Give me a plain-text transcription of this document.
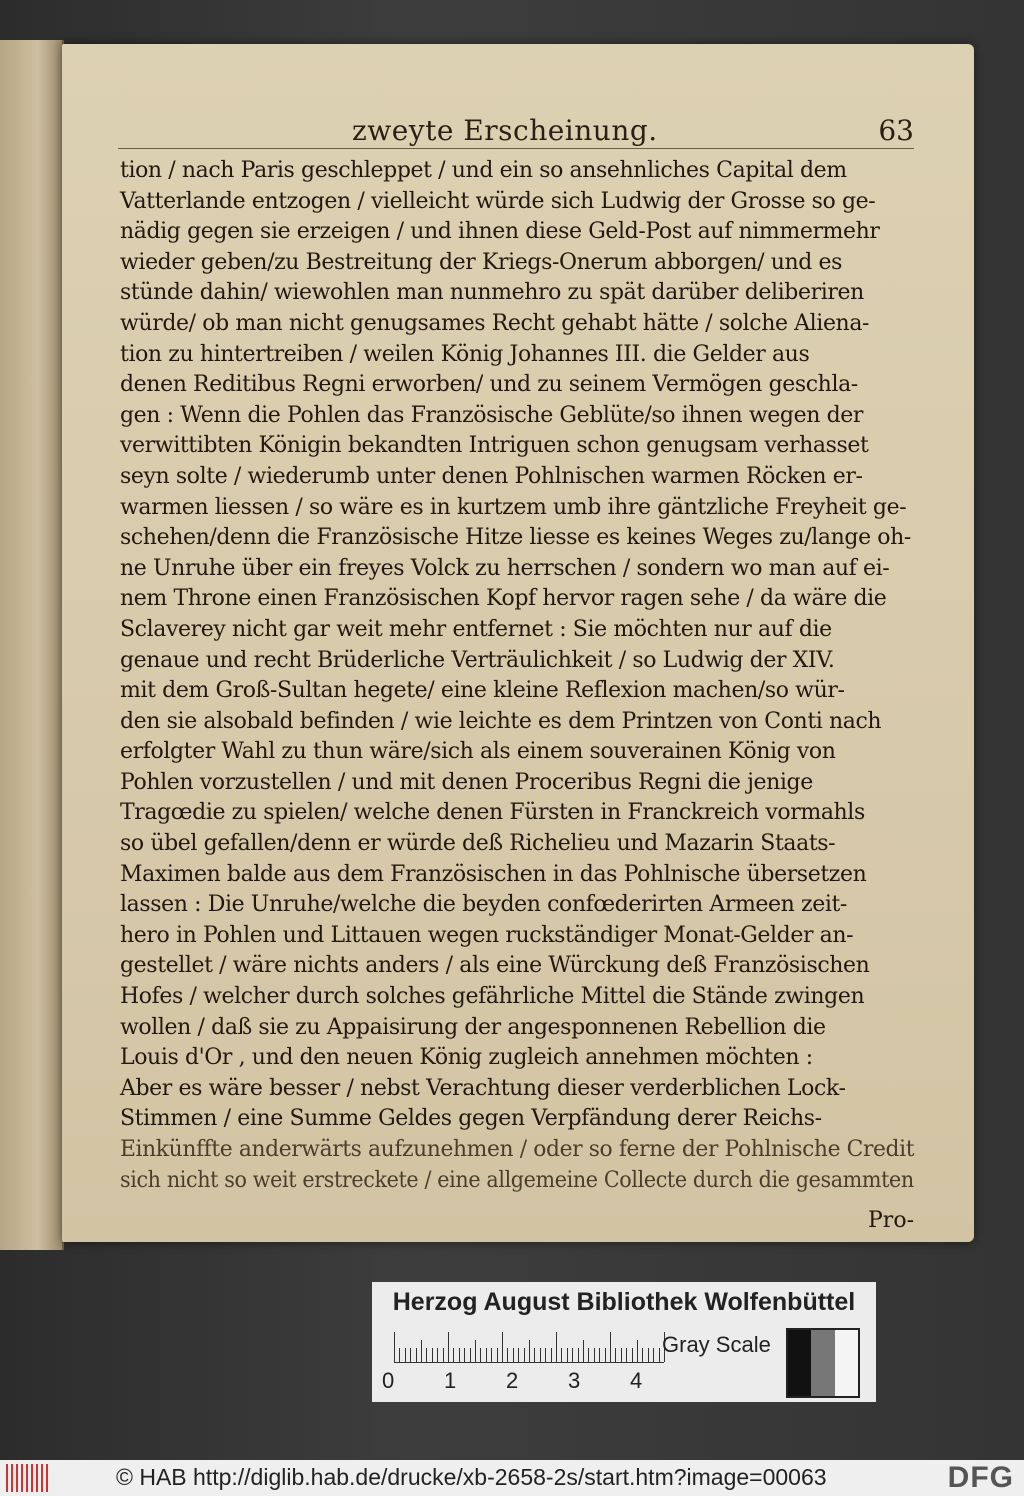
zweyte Erscheinung.	63
tion / nach Paris geschleppet / und ein so ansehnliches Capital dem
Vatterlande entzogen / vielleicht würde sich Ludwig der Grosse so ge-
nädig gegen sie erzeigen / und ihnen diese Geld-Post auf nimmermehr
wieder geben/zu Bestreitung der Kriegs-Onerum abborgen/ und es
stünde dahin/ wiewohlen man nunmehro zu spät darüber deliberiren
würde/ ob man nicht genugsames Recht gehabt hätte / solche Aliena-
tion zu hintertreiben / weilen König Johannes III. die Gelder aus
denen Reditibus Regni erworben/ und zu seinem Vermögen geschla-
gen : Wenn die Pohlen das Französische Geblüte/so ihnen wegen der
verwittibten Königin bekandten Intriguen schon genugsam verhasset
seyn solte / wiederumb unter denen Pohlnischen warmen Röcken er-
warmen liessen / so wäre es in kurtzem umb ihre gäntzliche Freyheit ge-
schehen/denn die Französische Hitze liesse es keines Weges zu/lange oh-
ne Unruhe über ein freyes Volck zu herrschen / sondern wo man auf ei-
nem Throne einen Französischen Kopf hervor ragen sehe / da wäre die
Sclaverey nicht gar weit mehr entfernet : Sie möchten nur auf die
genaue und recht Brüderliche Verträulichkeit / so Ludwig der XIV.
mit dem Groß-Sultan hegete/ eine kleine Reflexion machen/so wür-
den sie alsobald befinden / wie leichte es dem Printzen von Conti nach
erfolgter Wahl zu thun wäre/sich als einem souverainen König von
Pohlen vorzustellen / und mit denen Proceribus Regni die jenige
Tragœdie zu spielen/ welche denen Fürsten in Franckreich vormahls
so übel gefallen/denn er würde deß Richelieu und Mazarin Staats-
Maximen balde aus dem Französischen in das Pohlnische übersetzen
lassen : Die Unruhe/welche die beyden confœderirten Armeen zeit-
hero in Pohlen und Littauen wegen ruckständiger Monat-Gelder an-
gestellet / wäre nichts anders / als eine Würckung deß Französischen
Hofes / welcher durch solches gefährliche Mittel die Stände zwingen
wollen / daß sie zu Appaisirung der angesponnenen Rebellion die
Louis d'Or , und den neuen König zugleich annehmen möchten :
Aber es wäre besser / nebst Verachtung dieser verderblichen Lock-
Stimmen / eine Summe Geldes gegen Verpfändung derer Reichs-
Einkünffte anderwärts aufzunehmen / oder so ferne der Pohlnische Credit
sich nicht so weit erstreckete / eine allgemeine Collecte durch die gesammten
Pro-
Herzog August Bibliothek Wolfenbüttel
0 1 2 3 4
Gray Scale
© HAB http://diglib.hab.de/drucke/xb-2658-2s/start.htm?image=00063	DFG
